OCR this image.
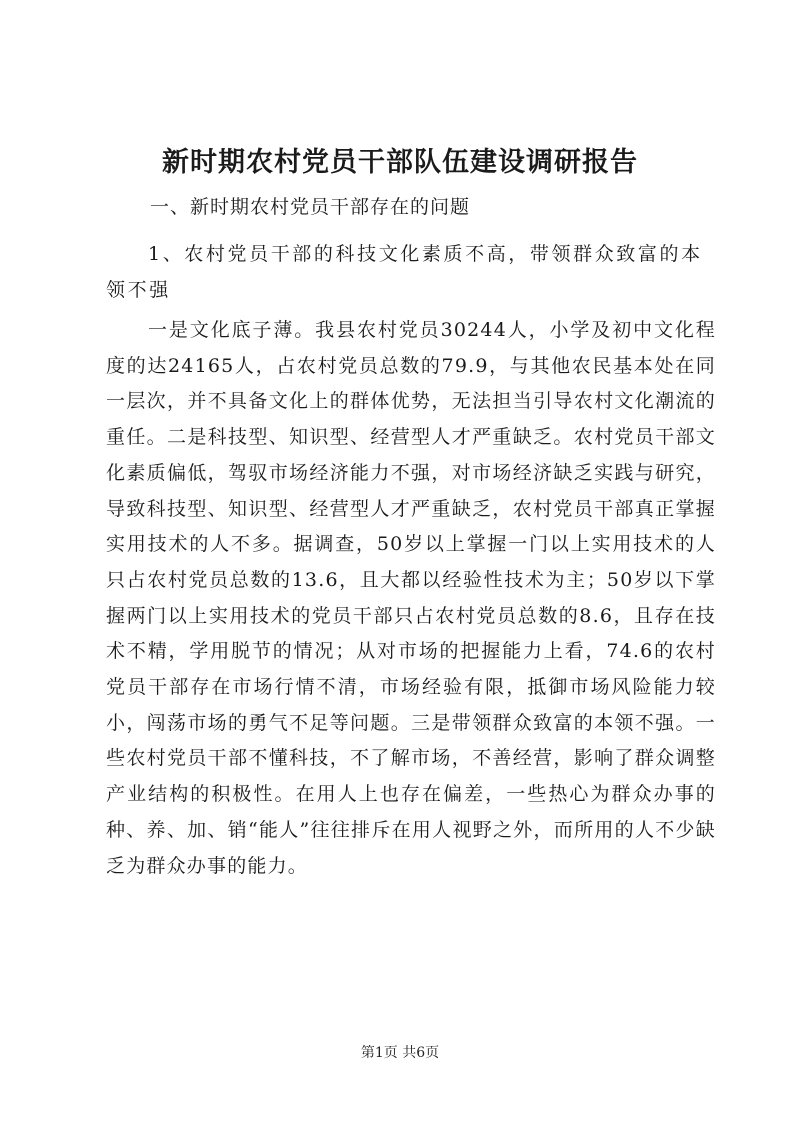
新时期农村党员干部队伍建设调研报告
一、新时期农村党员干部存在的问题
1、农村党员干部的科技文化素质不高，带领群众致富的本领不强

一是文化底子薄。我县农村党员30244人，小学及初中文化程度的达24165人，占农村党员总数的79.9，与其他农民基本处在同一层次，并不具备文化上的群体优势，无法担当引导农村文化潮流的重任。二是科技型、知识型、经营型人才严重缺乏。农村党员干部文化素质偏低，驾驭市场经济能力不强，对市场经济缺乏实践与研究，导致科技型、知识型、经营型人才严重缺乏，农村党员干部真正掌握实用技术的人不多。据调查，50岁以上掌握一门以上实用技术的人只占农村党员总数的13.6，且大都以经验性技术为主；50岁以下掌握两门以上实用技术的党员干部只占农村党员总数的8.6，且存在技术不精，学用脱节的情况；从对市场的把握能力上看，74.6的农村党员干部存在市场行情不清，市场经验有限，抵御市场风险能力较小，闯荡市场的勇气不足等问题。三是带领群众致富的本领不强。一些农村党员干部不懂科技，不了解市场，不善经营，影响了群众调整产业结构的积极性。在用人上也存在偏差，一些热心为群众办事的种、养、加、销“能人”往往排斥在用人视野之外，而所用的人不少缺乏为群众办事的能力。

第1页 共6页
